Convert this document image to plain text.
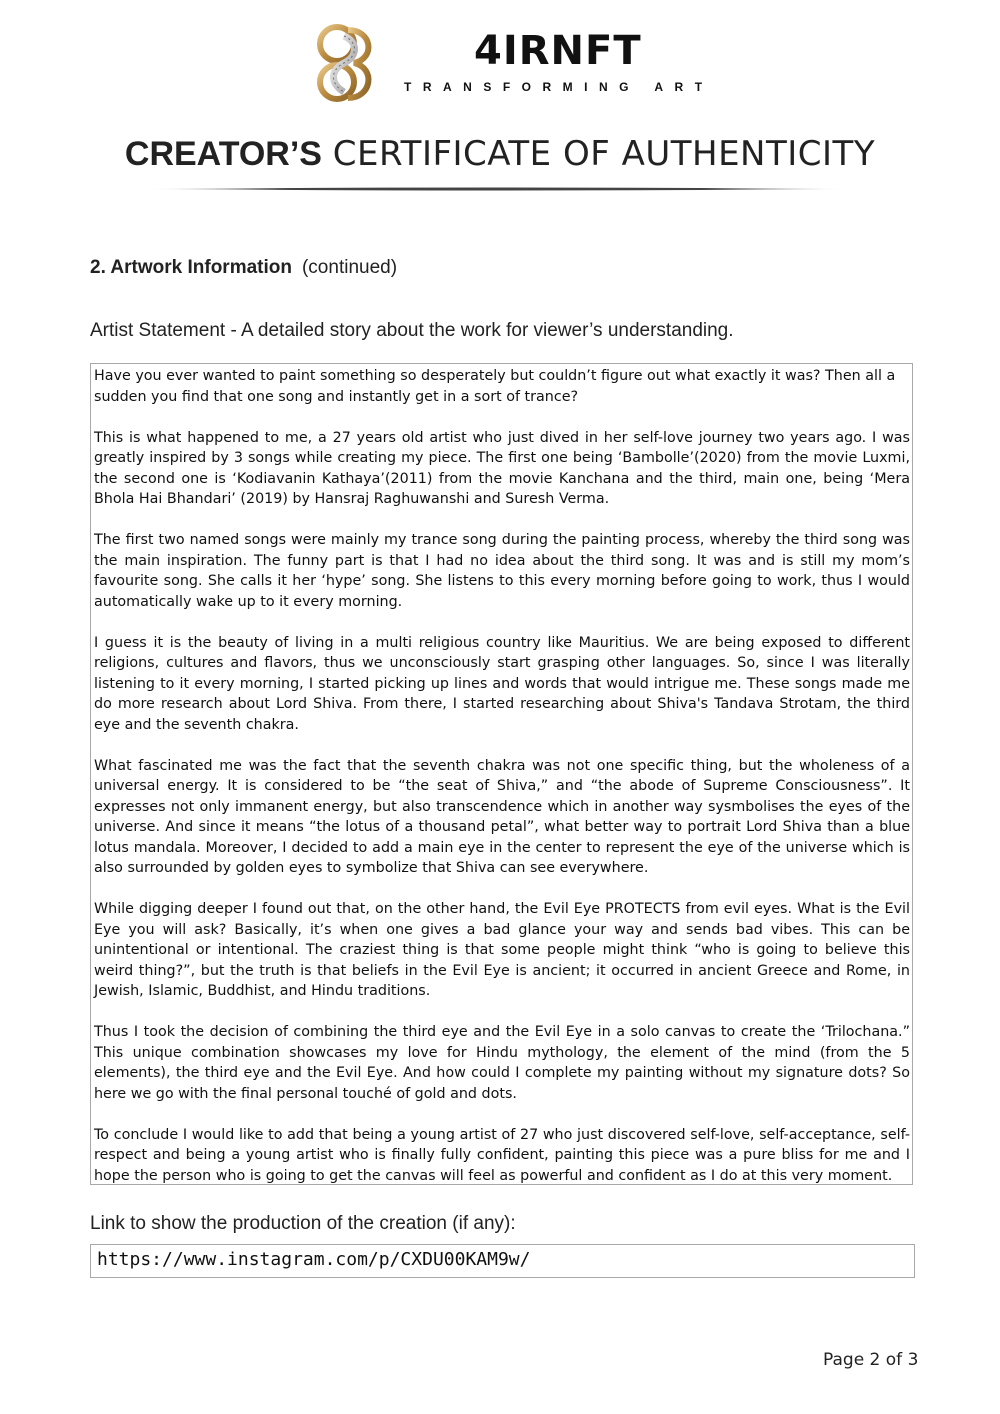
4IRNFT
TRANSFORMING ART
CREATOR’S CERTIFICATE OF AUTHENTICITY
2. Artwork Information (continued)
Artist Statement - A detailed story about the work for viewer’s understanding.

Have you ever wanted to paint something so desperately but couldn’t figure out what exactly it was? Then all a sudden you find that one song and instantly get in a sort of trance?

This is what happened to me, a 27 years old artist who just dived in her self-love journey two years ago. I was greatly inspired by 3 songs while creating my piece. The first one being ‘Bambolle’(2020) from the movie Luxmi, the second one is ‘Kodiavanin Kathaya’(2011) from the movie Kanchana and the third, main one, being ‘Mera Bhola Hai Bhandari’ (2019) by Hansraj Raghuwanshi and Suresh Verma.

The first two named songs were mainly my trance song during the painting process, whereby the third song was the main inspiration. The funny part is that I had no idea about the third song. It was and is still my mom’s favourite song. She calls it her ‘hype’ song. She listens to this every morning before going to work, thus I would automatically wake up to it every morning.

I guess it is the beauty of living in a multi religious country like Mauritius. We are being exposed to different religions, cultures and flavors, thus we unconsciously start grasping other languages. So, since I was literally listening to it every morning, I started picking up lines and words that would intrigue me. These songs made me do more research about Lord Shiva. From there, I started researching about Shiva's Tandava Strotam, the third eye and the seventh chakra.

What fascinated me was the fact that the seventh chakra was not one specific thing, but the wholeness of a universal energy. It is considered to be “the seat of Shiva,” and “the abode of Supreme Consciousness”. It expresses not only immanent energy, but also transcendence which in another way sysmbolises the eyes of the universe. And since it means “the lotus of a thousand petal”, what better way to portrait Lord Shiva than a blue lotus mandala. Moreover, I decided to add a main eye in the center to represent the eye of the universe which is also surrounded by golden eyes to symbolize that Shiva can see everywhere.

While digging deeper I found out that, on the other hand, the Evil Eye PROTECTS from evil eyes. What is the Evil Eye you will ask? Basically, it’s when one gives a bad glance your way and sends bad vibes. This can be unintentional or intentional. The craziest thing is that some people might think “who is going to believe this weird thing?”, but the truth is that beliefs in the Evil Eye is ancient; it occurred in ancient Greece and Rome, in Jewish, Islamic, Buddhist, and Hindu traditions.

Thus I took the decision of combining the third eye and the Evil Eye in a solo canvas to create the ‘Trilochana.” This unique combination showcases my love for Hindu mythology, the element of the mind (from the 5 elements), the third eye and the Evil Eye. And how could I complete my painting without my signature dots? So here we go with the final personal touché of gold and dots.

To conclude I would like to add that being a young artist of 27 who just discovered self-love, self-acceptance, self-respect and being a young artist who is finally fully confident, painting this piece was a pure bliss for me and I hope the person who is going to get the canvas will feel as powerful and confident as I do at this very moment.

Link to show the production of the creation (if any):
https://www.instagram.com/p/CXDU00KAM9w/
Page 2 of 3
